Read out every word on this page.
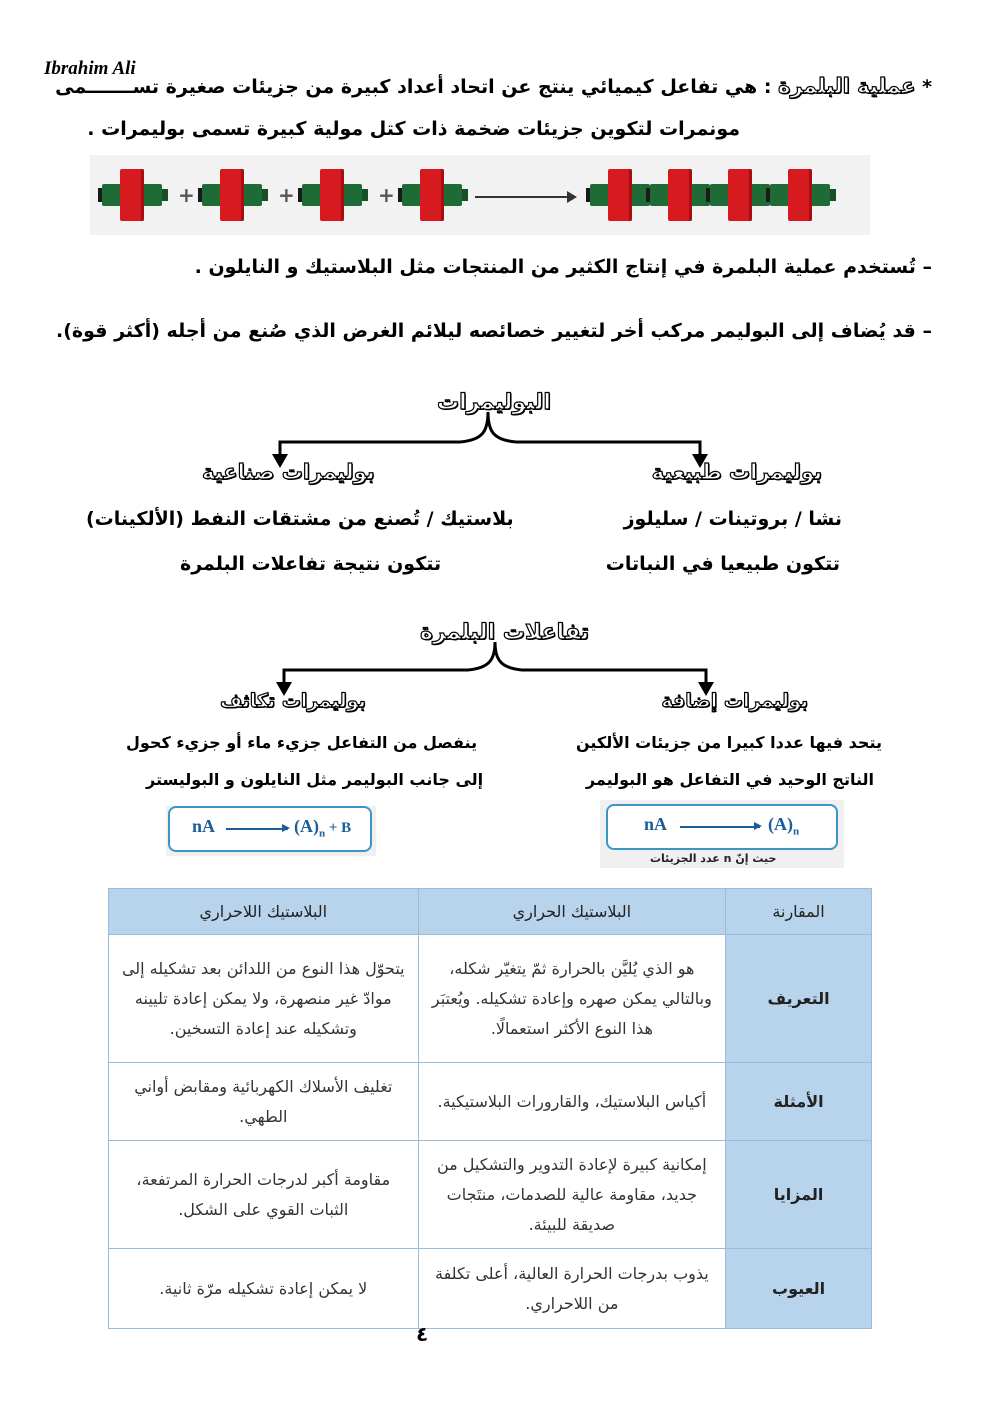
Ibrahim Ali
* عملية البلمرة : هي تفاعل كيميائي ينتج عن اتحاد أعداد كبيرة من جزيئات صغيرة تســـــــمى
مونمرات لتكوين جزيئات ضخمة ذات كتل مولية كبيرة تسمى بوليمرات .
+	+	+
– تُستخدم عملية البلمرة في إنتاج الكثير من المنتجات مثل البلاستيك و النايلون .
– قد يُضاف إلى البوليمر مركب أخر لتغيير خصائصه ليلائم الغرض الذي صُنع من أجله (أكثر قوة).
البوليمرات
بوليمرات طبيعية
بوليمرات صناعية
نشا / بروتينات / سليلوز
تتكون طبيعيا في النباتات
بلاستيك / تُصنع من مشتقات النفط (الألكينات)
تتكون نتيجة تفاعلات البلمرة
تفاعلات البلمرة
بوليمرات إضافة
بوليمرات تكاثف
يتحد فيها عددا كبيرا من جزيئات الألكين
الناتج الوحيد في التفاعل هو البوليمر
ينفصل من التفاعل جزيء ماء أو جزيء كحول
إلى جانب البوليمر مثل النايلون و البوليستر
nA	$(A)_n$
حيث إنّ n عدد الجزيئات
nA	$(A)_n + B$
المقارنة	البلاستيك الحراري	البلاستيك اللاحراري
التعريف	هو الذي يُليَّن بالحرارة ثمّ يتغيّر شكله، وبالتالي يمكن صهره وإعادة تشكيله. ويُعتبَر هذا النوع الأكثر استعمالًا.	يتحوّل هذا النوع من اللدائن بعد تشكيله إلى موادّ غير منصهرة، ولا يمكن إعادة تليينه وتشكيله عند إعادة التسخين.
الأمثلة	أكياس البلاستيك، والقارورات البلاستيكية.	تغليف الأسلاك الكهربائية ومقابض أواني الطهي.
المزايا	إمكانية كبيرة لإعادة التدوير والتشكيل من جديد، مقاومة عالية للصدمات، منتَجات صديقة للبيئة.	مقاومة أكبر لدرجات الحرارة المرتفعة، الثبات القوي على الشكل.
العيوب	يذوب بدرجات الحرارة العالية، أعلى تكلفة من اللاحراري.	لا يمكن إعادة تشكيله مرّة ثانية.
٤
